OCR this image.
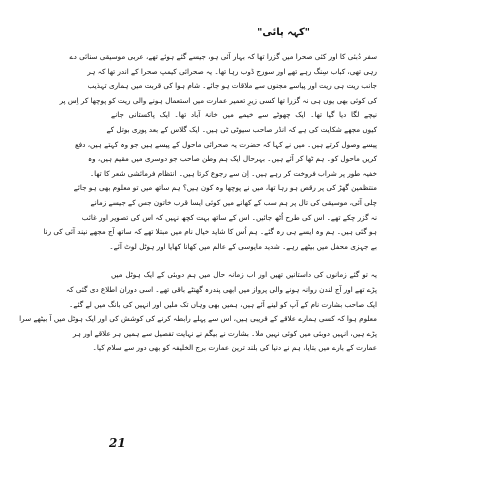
"کہہ پائی"
سفر دُبئی کا اور کئی صحرا میں گزرا تھا کہ بہار آئی ہو، جیسے گئے ہوئے تھے، عربی موسیقی سنائی دے
رہی تھی، کباب سِنگ رہے تھے اور سورج ڈوب رہا تھا۔ یہ صحرائی کیمپ صحرا کے اندر تھا کہ ہر
جانب ریت ہی ریت اور پیاسے مجنوں سے ملاقات ہو جائے۔ شام ہوا کی قربت میں ہماری تہذیب
کی کوئی بھی یوں ہی نہ گزرا تھا کسی زیرِ تعمیر عمارت میں استعمال ہونے والی ریت کو پوچھا کر اِس پر
نیچے لگا دیا گیا تھا۔ ایک چھوٹے سے خیمے میں خانۂ آباد تھا۔ ایک پاکستانی جانے
کیوں مجھے شکایت کی ہے کہ انڈر صاحب سیوٹی ٹی ہیں۔ ایک گلاس کے بعد پوری بوتل کے
پیسے وصول کرتے ہیں۔ میں نے کہا کہ حضرت یہ صحرائی ماحول کے پیسے ہیں جو وہ کہتے ہیں، دفع
کریں ماحول کو۔ ہم ٹھا کر آئے ہیں۔ بہرحال ایک ہم وطن صاحب جو دوسری میں مقیم ہیں، وہ
خفیہ طور پر شراب فروخت کر رہے ہیں۔ اِن سے رجوع کرتا ہیں۔ انتظام فرمائشی شعر کا تھا۔
منتظمین گھڑ کی پر رقص ہو رہا تھا، میں نے پوچھا وہ کون ہیں؟ ہم ساتھ میں تو معلوم بھی ہو جائے
چلی آئی، موسیقی کی تال پر ہم سب کے کھانے میں کوئی ایسا قرب خاتون جس کے جیسے زمانے
نہ گزر چکے تھے۔ اس کی طرح اُٹھ جائیں۔ اس کے ساتھ بہت کچھ نہیں کہ اس کی تصویر اور غائب
ہو گئی ہیں۔ ہم وہ ایسے ہی رہ گئے۔ ہم اُس کا شاید خیال نام میں مبتلا تھے کہ ساتھ آج مجھے نیند آئی کی رنا
بے جہزی محفل میں بیٹھے رہے۔ شدید مایوسی کے عالم میں کھانا کھایا اور ہوٹل لوٹ آئے۔
یہ تو گئے زمانوں کی داستانیں تھیں اور اب زمانہ حال میں ہم دوبئی کے ایک ہوٹل میں
پڑے تھے اور آج لندن روانہ ہونے والی پرواز میں ابھی پندرہ گھنٹے باقی تھے۔ اسی دوران اطلاع دی گئی کہ
ایک صاحب بشارت نام کے آپ کو لینے آئے ہیں، ہمیں بھی وہاں تک ملیں اور انہیں کی بانگ میں لے گئے۔
معلوم ہوا کہ کسی ہمارے علاقے کے قریبی ہیں، اس سے پہلے رابطہ کرنے کی کوشش کی اور ایک ہوٹل میں آ بیٹھے سرا
پڑے ہیں، انہیں دوبئی میں کوئی نہیں ملا۔ بشارت نے بیگم نے نہایت تفصیل سے ہمیں ہر علاقے اور ہر
عمارت کے بارے میں بتایا، ہم نے دنیا کی بلند ترین عمارت برج الخلیفہ کو بھی دور سے سلام کیا۔
21
